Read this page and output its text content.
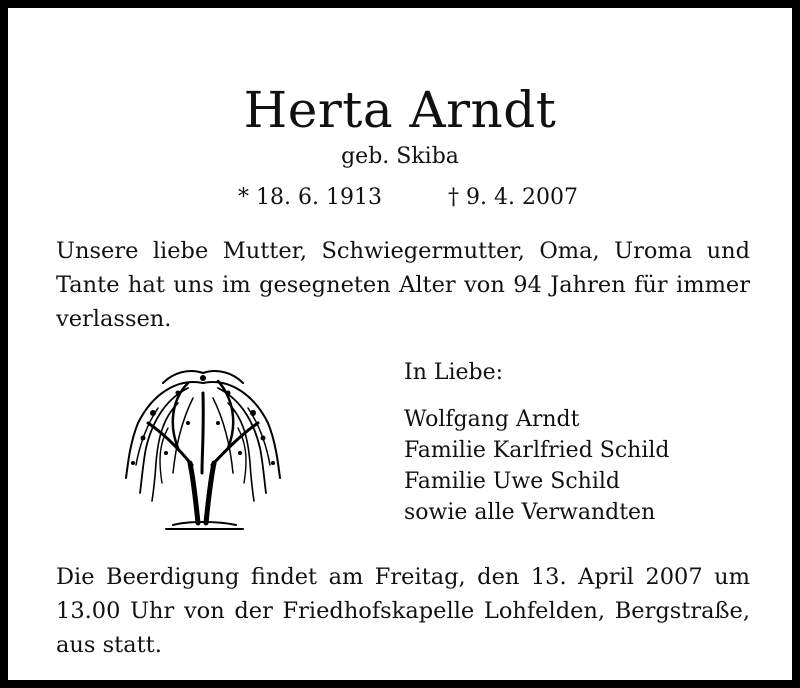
Herta Arndt
geb. Skiba
* 18. 6. 1913	† 9. 4. 2007
Unsere liebe Mutter, Schwiegermutter, Oma, Uroma und
Tante hat uns im gesegneten Alter von 94 Jahren für immer
verlassen.
In Liebe:
Wolfgang Arndt
Familie Karlfried Schild
Familie Uwe Schild
sowie alle Verwandten
Die Beerdigung findet am Freitag, den 13. April 2007 um
13.00 Uhr von der Friedhofskapelle Lohfelden, Bergstraße,
aus statt.
